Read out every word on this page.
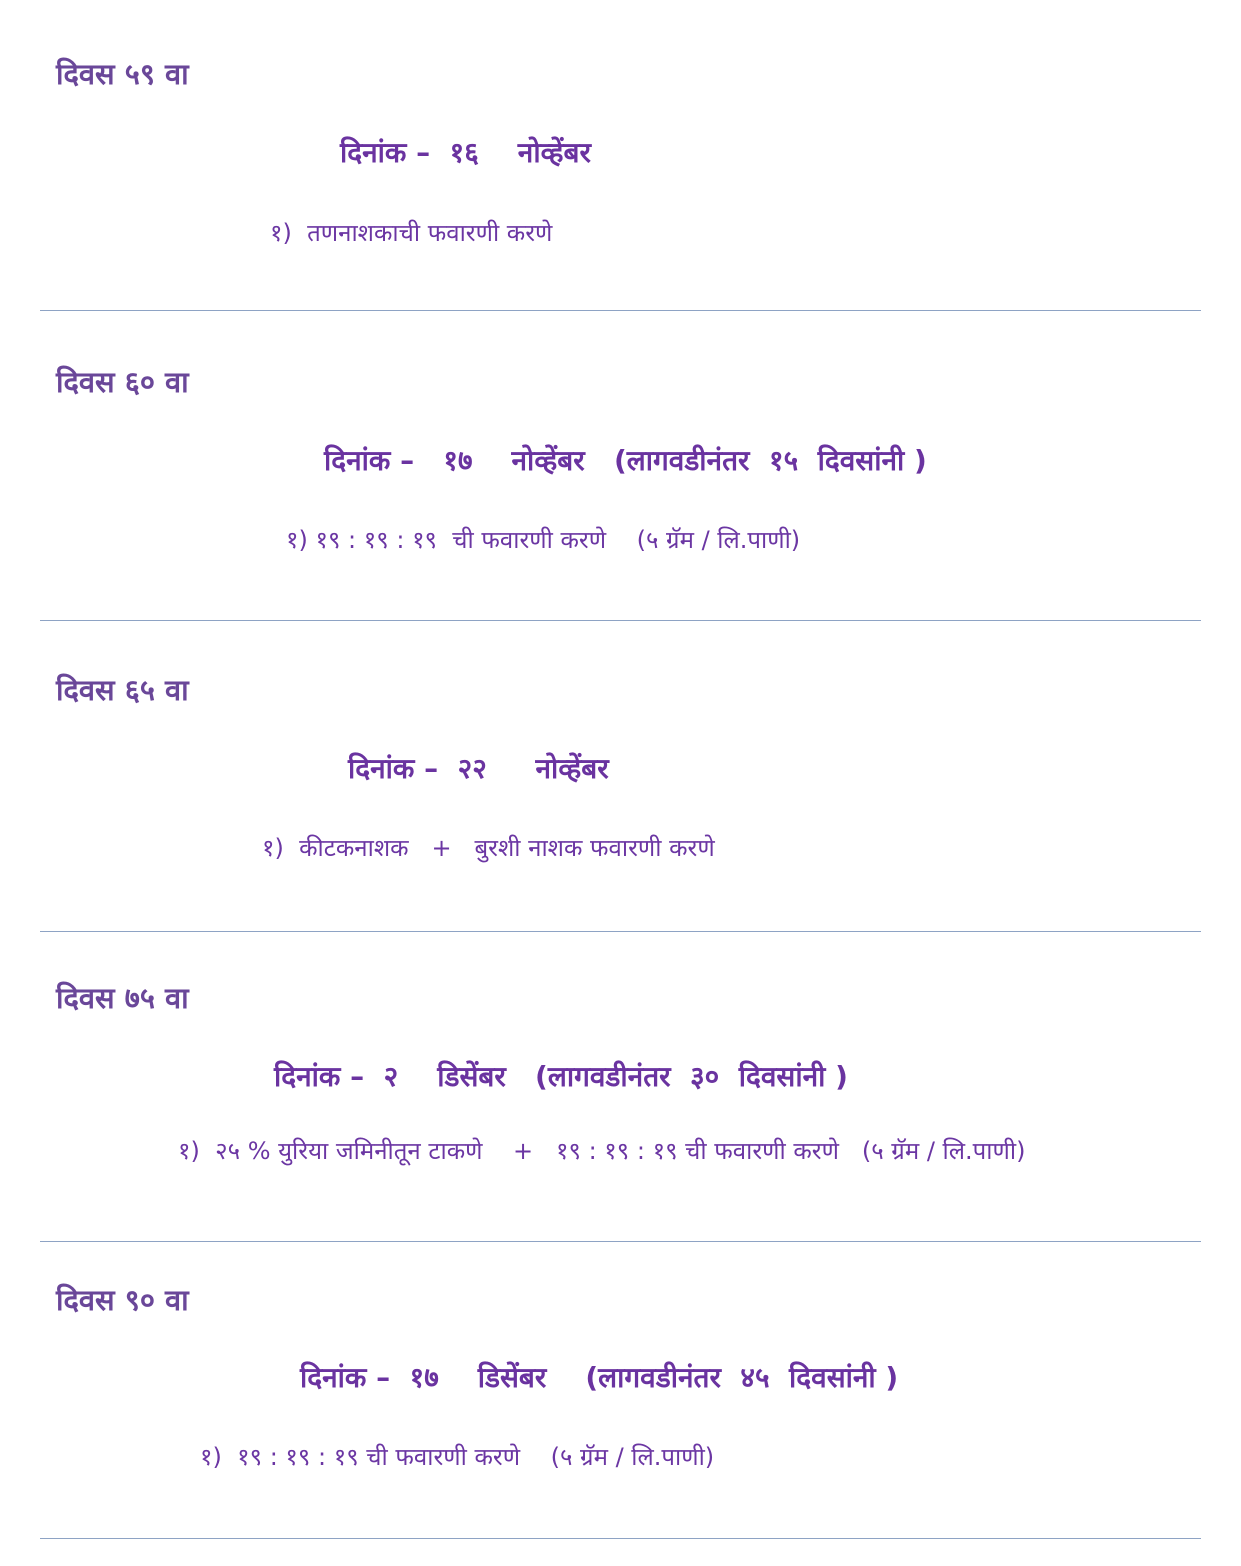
दिवस ५९ वा

दिनांक –  १६    नोव्हेंबर

१)  तणनाशकाची फवारणी करणे

दिवस ६० वा

दिनांक –   १७    नोव्हेंबर   (लागवडीनंतर  १५  दिवसांनी )

१) १९ : १९ : १९  ची फवारणी करणे    (५ ग्रॅम / लि.पाणी)

दिवस ६५ वा

दिनांक –  २२     नोव्हेंबर

१)  कीटकनाशक   +   बुरशी नाशक फवारणी करणे

दिवस ७५ वा

दिनांक –  २    डिसेंबर   (लागवडीनंतर  ३०  दिवसांनी )

१)  २५ % युरिया जमिनीतून टाकणे    +   १९ : १९ : १९ ची फवारणी करणे   (५ ग्रॅम / लि.पाणी)

दिवस ९० वा

दिनांक –  १७    डिसेंबर    (लागवडीनंतर  ४५  दिवसांनी )

१)  १९ : १९ : १९ ची फवारणी करणे    (५ ग्रॅम / लि.पाणी)
